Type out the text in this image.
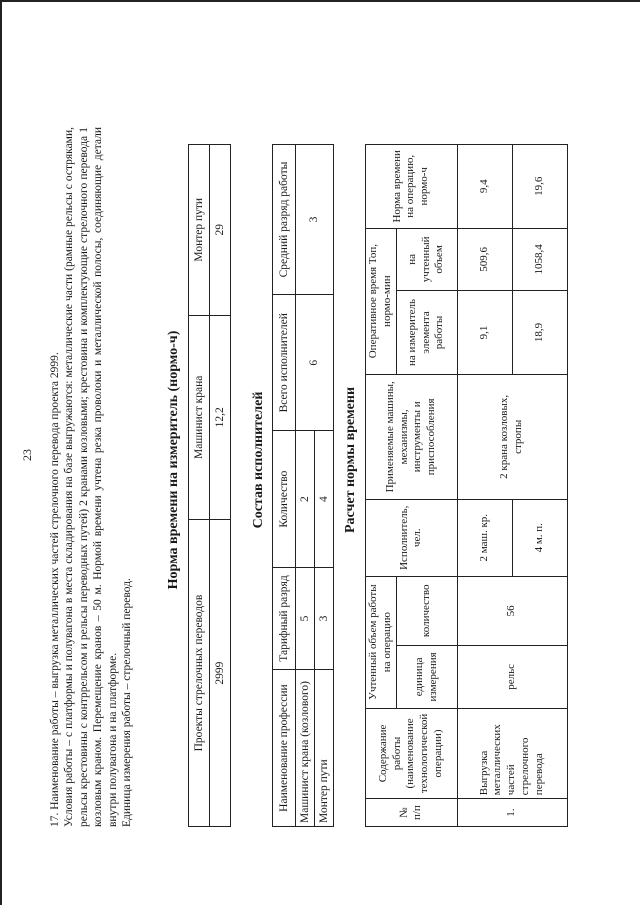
23 17. Наименование работы – выгрузка металлических частей стрелочного перевода проекта 2999. Условия работы – с платформы и полувагона в места складирования на базе выгружаются: металлические части (рамные рельсы с остряками, рельсы крестовины с контррельсом и рельсы переводных путей) 2 кранами козловыми; крестовина и комплектующие стрелочного перевода 1 козловым краном. Перемещение кранов – 50 м. Нормой времени учтена резка проволоки и металлической полосы, соединяющие детали внутри полувагона и на платформе. Единица измерения работы – стрелочный перевод.

Норма времени на измеритель (нормо-ч)
Проекты стрелочных переводов	Машинист крана	Монтер пути
2999	12,2	29
Состав исполнителей
Наименование профессии	Тарифный разряд	Количество	Всего исполнителей	Средний разряд работы
Машинист крана (козлового)	5	2	6	3
Монтер пути	3	4		Расчет нормы времени
№ п/п	Содержание работы (наименование технологической операции)	Учтенный объем работы на операцию		Исполнитель, чел.	Применяемые машины, механизмы, инструменты и приспособления	Оперативное время Топ, нормо-мин		Норма времени на операцию, нормо-ч
		единица измерения	количество			на измеритель элемента работы	на учтенный объем	
1.	Выгрузка металлических частей стрелочного перевода	рельс	56	2 маш. кр.	2 крана козловых, стропы	9,1	509,6	9,4
				4 м. п.		18,9	1058,4	19,6
